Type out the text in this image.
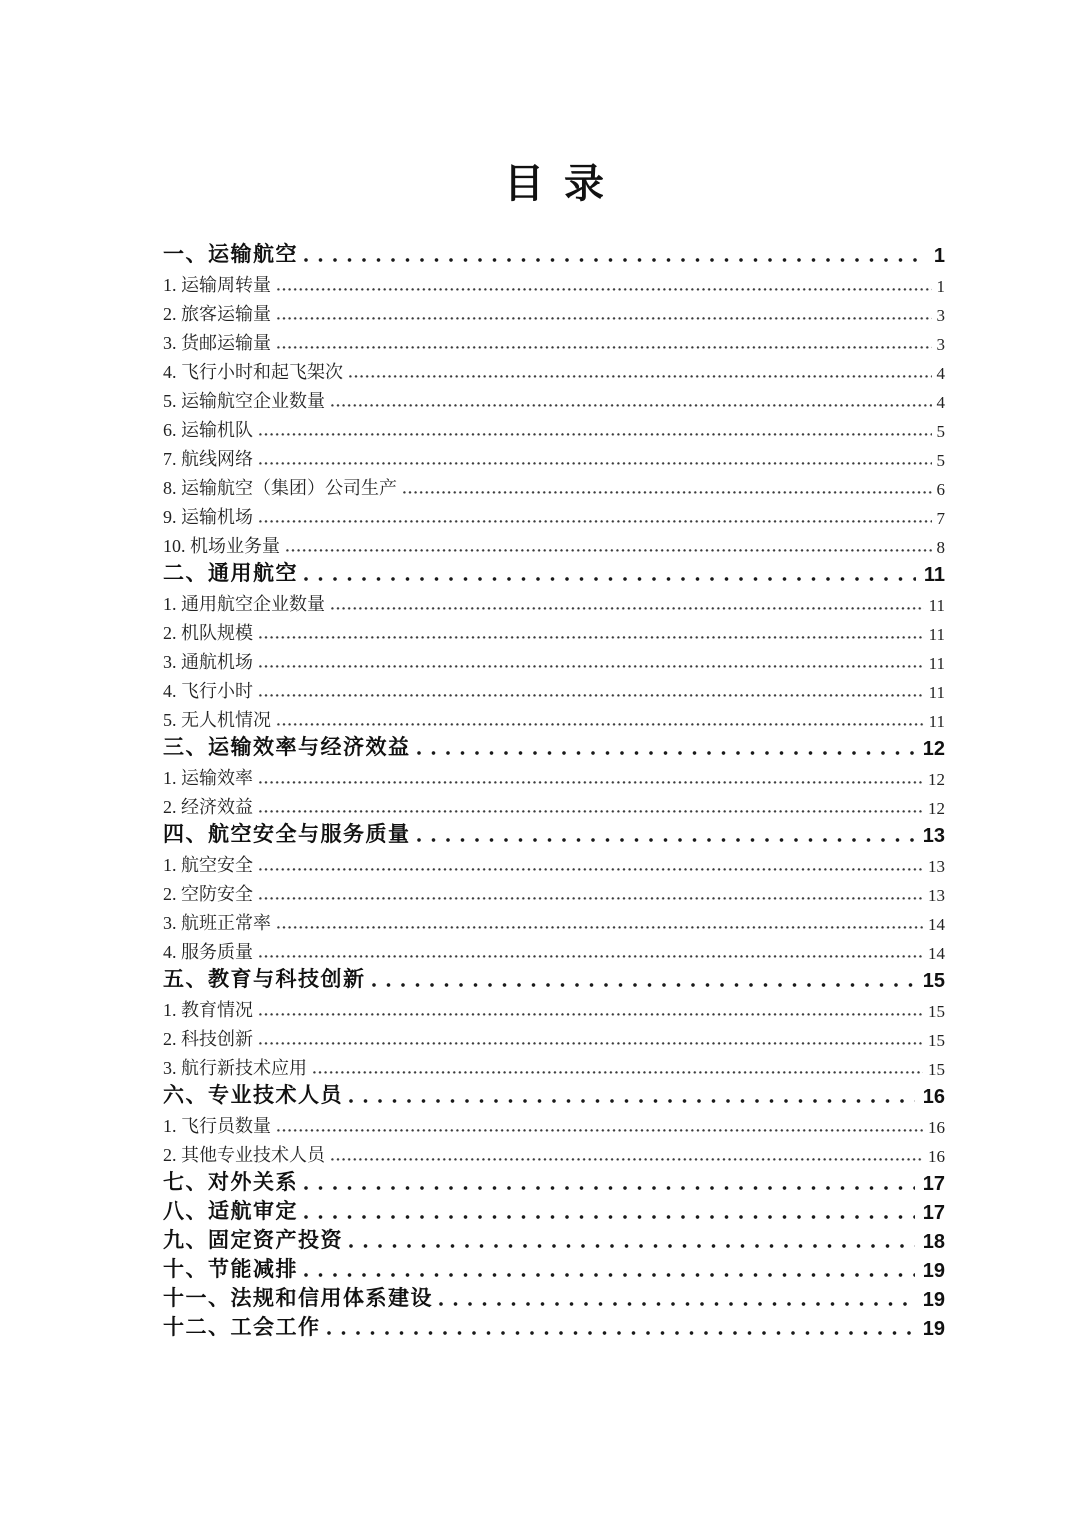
目  录
一、运输航空	1
1. 运输周转量	1
2. 旅客运输量	3
3. 货邮运输量	3
4. 飞行小时和起飞架次	4
5. 运输航空企业数量	4
6. 运输机队	5
7. 航线网络	5
8. 运输航空（集团）公司生产	6
9. 运输机场	7
10. 机场业务量	8
二、通用航空	11
1. 通用航空企业数量	11
2. 机队规模	11
3. 通航机场	11
4. 飞行小时	11
5. 无人机情况	11
三、运输效率与经济效益	12
1. 运输效率	12
2. 经济效益	12
四、航空安全与服务质量	13
1. 航空安全	13
2. 空防安全	13
3. 航班正常率	14
4. 服务质量	14
五、教育与科技创新	15
1. 教育情况	15
2. 科技创新	15
3. 航行新技术应用	15
六、专业技术人员	16
1. 飞行员数量	16
2. 其他专业技术人员	16
七、对外关系	17
八、适航审定	17
九、固定资产投资	18
十、节能减排	19
十一、法规和信用体系建设	19
十二、工会工作	19
